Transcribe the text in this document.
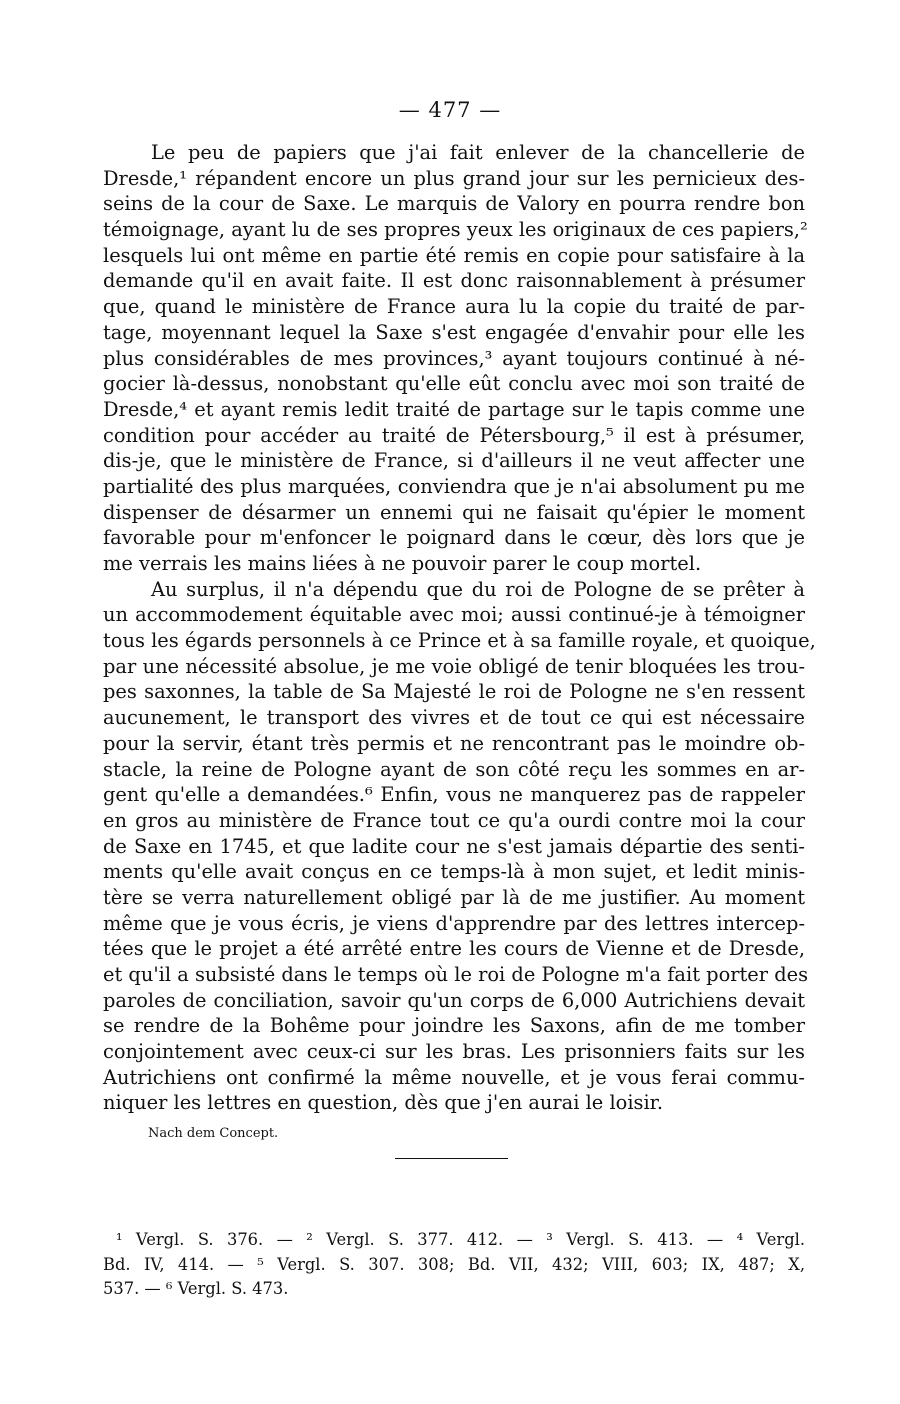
— 477 —
Le peu de papiers que j'ai fait enlever de la chancellerie de
Dresde,¹ répandent encore un plus grand jour sur les pernicieux des-
seins de la cour de Saxe. Le marquis de Valory en pourra rendre bon
témoignage, ayant lu de ses propres yeux les originaux de ces papiers,²
lesquels lui ont même en partie été remis en copie pour satisfaire à la
demande qu'il en avait faite. Il est donc raisonnablement à présumer
que, quand le ministère de France aura lu la copie du traité de par-
tage, moyennant lequel la Saxe s'est engagée d'envahir pour elle les
plus considérables de mes provinces,³ ayant toujours continué à né-
gocier là-dessus, nonobstant qu'elle eût conclu avec moi son traité de
Dresde,⁴ et ayant remis ledit traité de partage sur le tapis comme une
condition pour accéder au traité de Pétersbourg,⁵ il est à présumer,
dis-je, que le ministère de France, si d'ailleurs il ne veut affecter une
partialité des plus marquées, conviendra que je n'ai absolument pu me
dispenser de désarmer un ennemi qui ne faisait qu'épier le moment
favorable pour m'enfoncer le poignard dans le cœur, dès lors que je
me verrais les mains liées à ne pouvoir parer le coup mortel.
Au surplus, il n'a dépendu que du roi de Pologne de se prêter à
un accommodement équitable avec moi; aussi continué-je à témoigner
tous les égards personnels à ce Prince et à sa famille royale, et quoique,
par une nécessité absolue, je me voie obligé de tenir bloquées les trou-
pes saxonnes, la table de Sa Majesté le roi de Pologne ne s'en ressent
aucunement, le transport des vivres et de tout ce qui est nécessaire
pour la servir, étant très permis et ne rencontrant pas le moindre ob-
stacle, la reine de Pologne ayant de son côté reçu les sommes en ar-
gent qu'elle a demandées.⁶ Enfin, vous ne manquerez pas de rappeler
en gros au ministère de France tout ce qu'a ourdi contre moi la cour
de Saxe en 1745, et que ladite cour ne s'est jamais départie des senti-
ments qu'elle avait conçus en ce temps-là à mon sujet, et ledit minis-
tère se verra naturellement obligé par là de me justifier. Au moment
même que je vous écris, je viens d'apprendre par des lettres intercep-
tées que le projet a été arrêté entre les cours de Vienne et de Dresde,
et qu'il a subsisté dans le temps où le roi de Pologne m'a fait porter des
paroles de conciliation, savoir qu'un corps de 6,000 Autrichiens devait
se rendre de la Bohême pour joindre les Saxons, afin de me tomber
conjointement avec ceux-ci sur les bras. Les prisonniers faits sur les
Autrichiens ont confirmé la même nouvelle, et je vous ferai commu-
niquer les lettres en question, dès que j'en aurai le loisir.
Nach dem Concept.
¹ Vergl. S. 376. — ² Vergl. S. 377. 412. — ³ Vergl. S. 413. — ⁴ Vergl.
Bd. IV, 414. — ⁵ Vergl. S. 307. 308; Bd. VII, 432; VIII, 603; IX, 487; X,
537. — ⁶ Vergl. S. 473.
